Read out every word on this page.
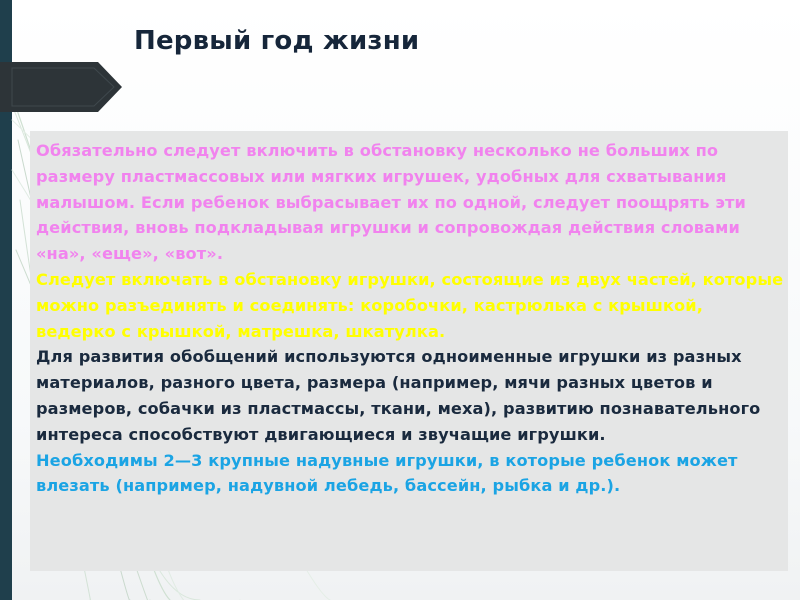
Первый год жизни

Обязательно следует включить в обстановку несколько не больших по размеру пластмассовых или мягких игрушек, удобных для схватывания малышом. Если ребенок выбрасывает их по одной, следует поощрять эти действия, вновь подкладывая игрушки и сопровождая действия словами «на», «еще», «вот».

Следует включать в обстановку игрушки, состоящие из двух частей, которые можно разъединять и соединять: коробочки, кастрюлька с крышкой, ведерко с крышкой, матрешка, шкатулка.

Для развития обобщений используются одноименные игрушки из разных материалов, разного цвета, размера (например, мячи разных цветов и размеров, собачки из пластмассы, ткани, меха), развитию познавательного интереса способствуют двигающиеся и звучащие игрушки.

Необходимы 2—3 крупные надувные игрушки, в которые ребенок может влезать (например, надувной лебедь, бассейн, рыбка и др.).
